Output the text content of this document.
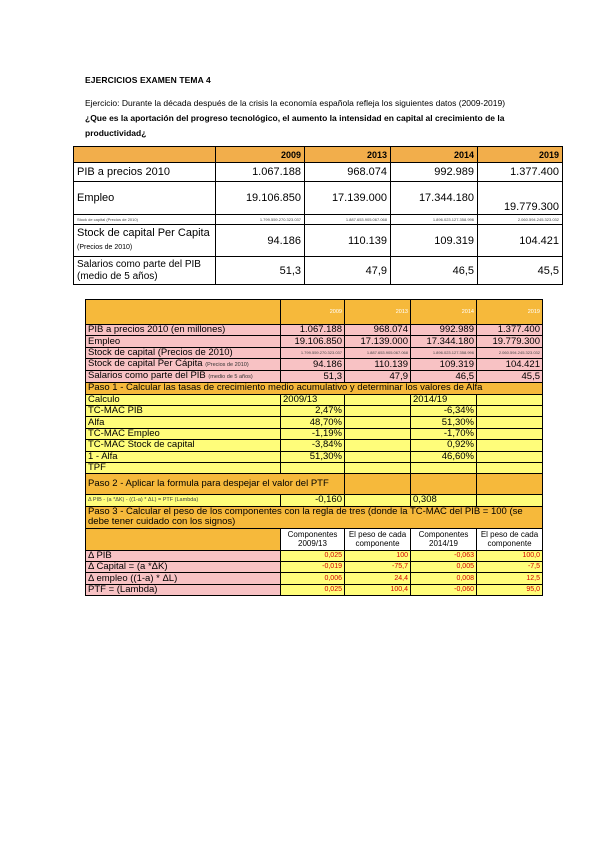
EJERCICIOS EXAMEN TEMA 4
Ejercicio: Durante la década después de la crisis la economía española refleja los siguientes datos (2009-2019) ¿Que es la aportación del progreso tecnológico, el aumento la intensidad en capital al crecimiento de la productividad¿
	2009	2013	2014	2019
PIB a precios 2010	1.067.188	968.074	992.989	1.377.400
Empleo	19.106.850	17.139.000	17.344.180	19.779.300
Stock de capital (Precios de 2010)	1.799.559.270.323.037	1.887.653.905.067.068	1.896.023.127.358.996	2.060.594.245.323.032
Stock de capital Per Capita (Precios de 2010)	94.186	110.139	109.319	104.421
Salarios como parte del PIB (medio de 5 años)	51,3	47,9	46,5	45,5
	2009	2013	2014	2019
PIB a precios 2010 (en millones)	1.067.188	968.074	992.989	1.377.400
Empleo	19.106.850	17.139.000	17.344.180	19.779.300
Stock de capital (Precios de 2010)	1.799.559.270.323.037	1.887.653.905.067.068	1.896.023.127.358.996	2.060.594.245.323.032
Stock de capital Per Cápita (Precios de 2010)	94.186	110.139	109.319	104.421
Salarios como parte del PIB (medio de 5 años)	51,3	47,9	46,5	45,5
Paso 1 - Calcular las tasas de crecimiento medio acumulativo y determinar los valores de Alfa				
Calculo	2009/13		2014/19	
TC-MAC PIB	2,47%		-6,34%	
Alfa	48,70%		51,30%	
TC-MAC Empleo	-1,19%		-1,70%	
TC-MAC Stock de capital	-3,84%		0,92%	
1 - Alfa	51,30%		46,60%	
TPF				
Paso 2 - Aplicar la formula para despejar el valor del PTF				
Δ PIB - (a *ΔK) - ((1-a) * ΔL) = PTF (Lambda)	-0,160		0,308	
Paso 3 - Calcular el peso de los componentes con la regla de tres (donde la TC-MAC del PIB = 100 (se debe tener cuidado con los signos)				
	Componentes 2009/13	El peso de cada componente	Componentes 2014/19	El peso de cada componente
Δ PIB	0,025	100	-0,063	100,0
Δ Capital = (a *ΔK)	-0,019	-75,7	0,005	-7,5
Δ empleo ((1-a) * ΔL)	0,006	24,4	0,008	12,5
PTF = (Lambda)	0,025	100,4	-0,060	95,0
